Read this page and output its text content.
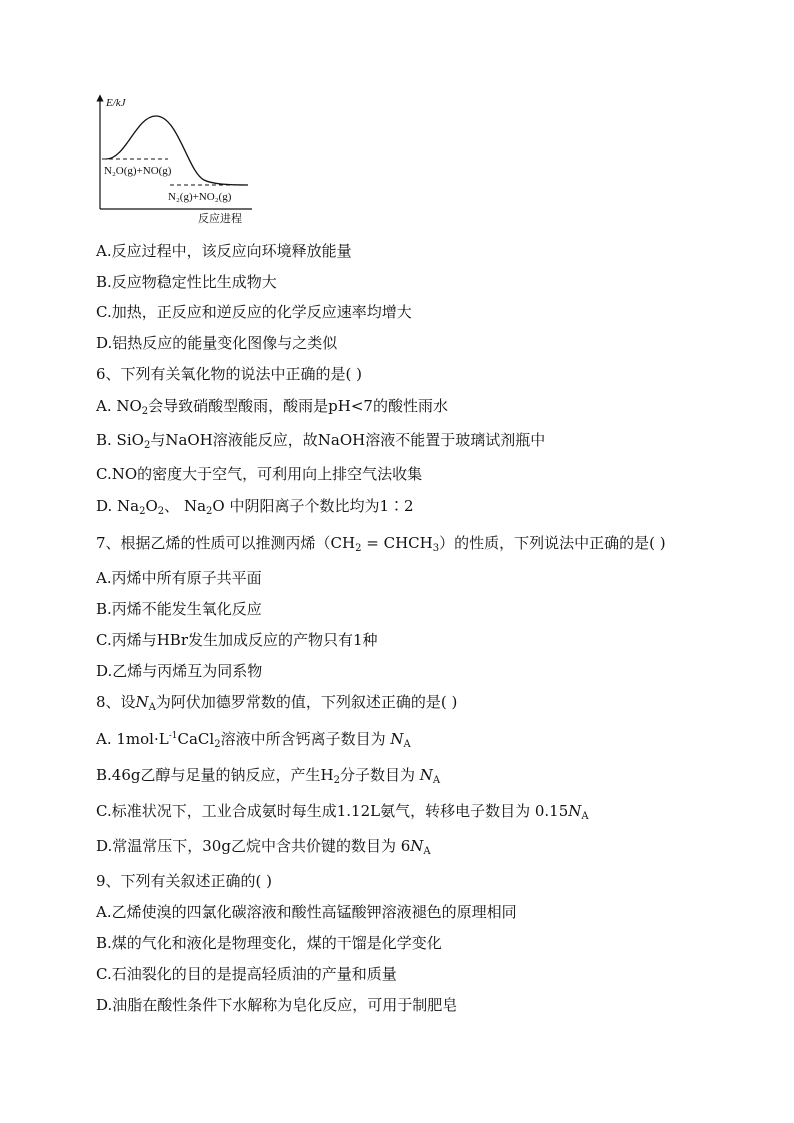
E/kJ
N₂O(g)+NO(g)
N₂(g)+NO₂(g)
反应进程
A.反应过程中，该反应向环境释放能量
B.反应物稳定性比生成物大
C.加热，正反应和逆反应的化学反应速率均增大
D.铝热反应的能量变化图像与之类似
6、下列有关氧化物的说法中正确的是( )
A. $NO_2$会导致硝酸型酸雨，酸雨是pH<7的酸性雨水
B. SiO$_2$与NaOH溶液能反应，故NaOH溶液不能置于玻璃试剂瓶中
C.NO的密度大于空气，可利用向上排空气法收集
D. $Na_2O_2$、 $Na_2O$ 中阴阳离子个数比均为1∶2
7、根据乙烯的性质可以推测丙烯（$CH_2$ = $CHCH_3$）的性质，下列说法中正确的是( )
A.丙烯中所有原子共平面
B.丙烯不能发生氧化反应
C.丙烯与HBr发生加成反应的产物只有1种
D.乙烯与丙烯互为同系物
8、设$N_A$为阿伏加德罗常数的值，下列叙述正确的是( )
A. $1mol\cdot L^{-1}CaCl_2$溶液中所含钙离子数目为 $N_A$
B.46g乙醇与足量的钠反应，产生$H_2$分子数目为 $N_A$
C.标准状况下，工业合成氨时每生成1.12L氨气，转移电子数目为 $0.15N_A$
D.常温常压下，30g乙烷中含共价键的数目为 $6N_A$
9、下列有关叙述正确的( )
A.乙烯使溴的四氯化碳溶液和酸性高锰酸钾溶液褪色的原理相同
B.煤的气化和液化是物理变化，煤的干馏是化学变化
C.石油裂化的目的是提高轻质油的产量和质量
D.油脂在酸性条件下水解称为皂化反应，可用于制肥皂
